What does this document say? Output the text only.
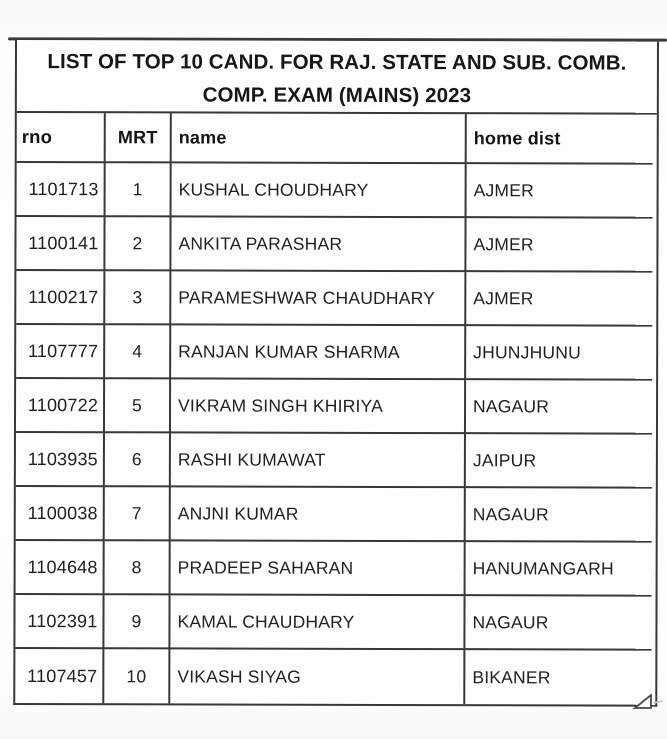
LIST OF TOP 10 CAND. FOR RAJ. STATE AND SUB. COMB.
COMP. EXAM (MAINS) 2023
rno	MRT	name	home dist
1101713	1	KUSHAL CHOUDHARY	AJMER
1100141	2	ANKITA PARASHAR	AJMER
1100217	3	PARAMESHWAR CHAUDHARY	AJMER
1107777	4	RANJAN KUMAR SHARMA	JHUNJHUNU
1100722	5	VIKRAM SINGH KHIRIYA	NAGAUR
1103935	6	RASHI KUMAWAT	JAIPUR
1100038	7	ANJNI KUMAR	NAGAUR
1104648	8	PRADEEP SAHARAN	HANUMANGARH
1102391	9	KAMAL CHAUDHARY	NAGAUR
1107457	10	VIKASH SIYAG	BIKANER
